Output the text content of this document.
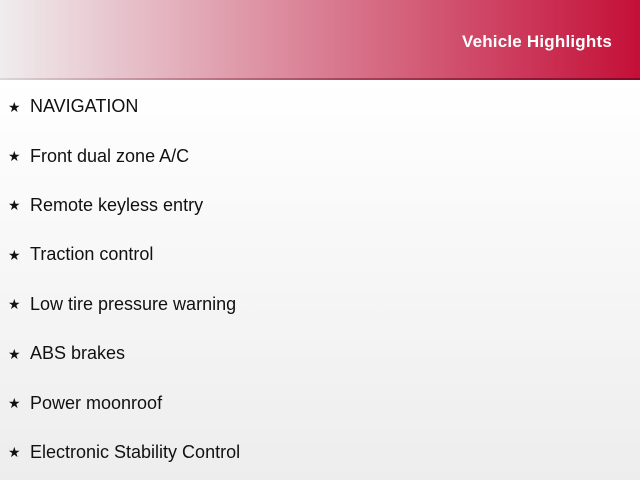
Vehicle Highlights
★ NAVIGATION
★ Front dual zone A/C
★ Remote keyless entry
★ Traction control
★ Low tire pressure warning
★ ABS brakes
★ Power moonroof
★ Electronic Stability Control
